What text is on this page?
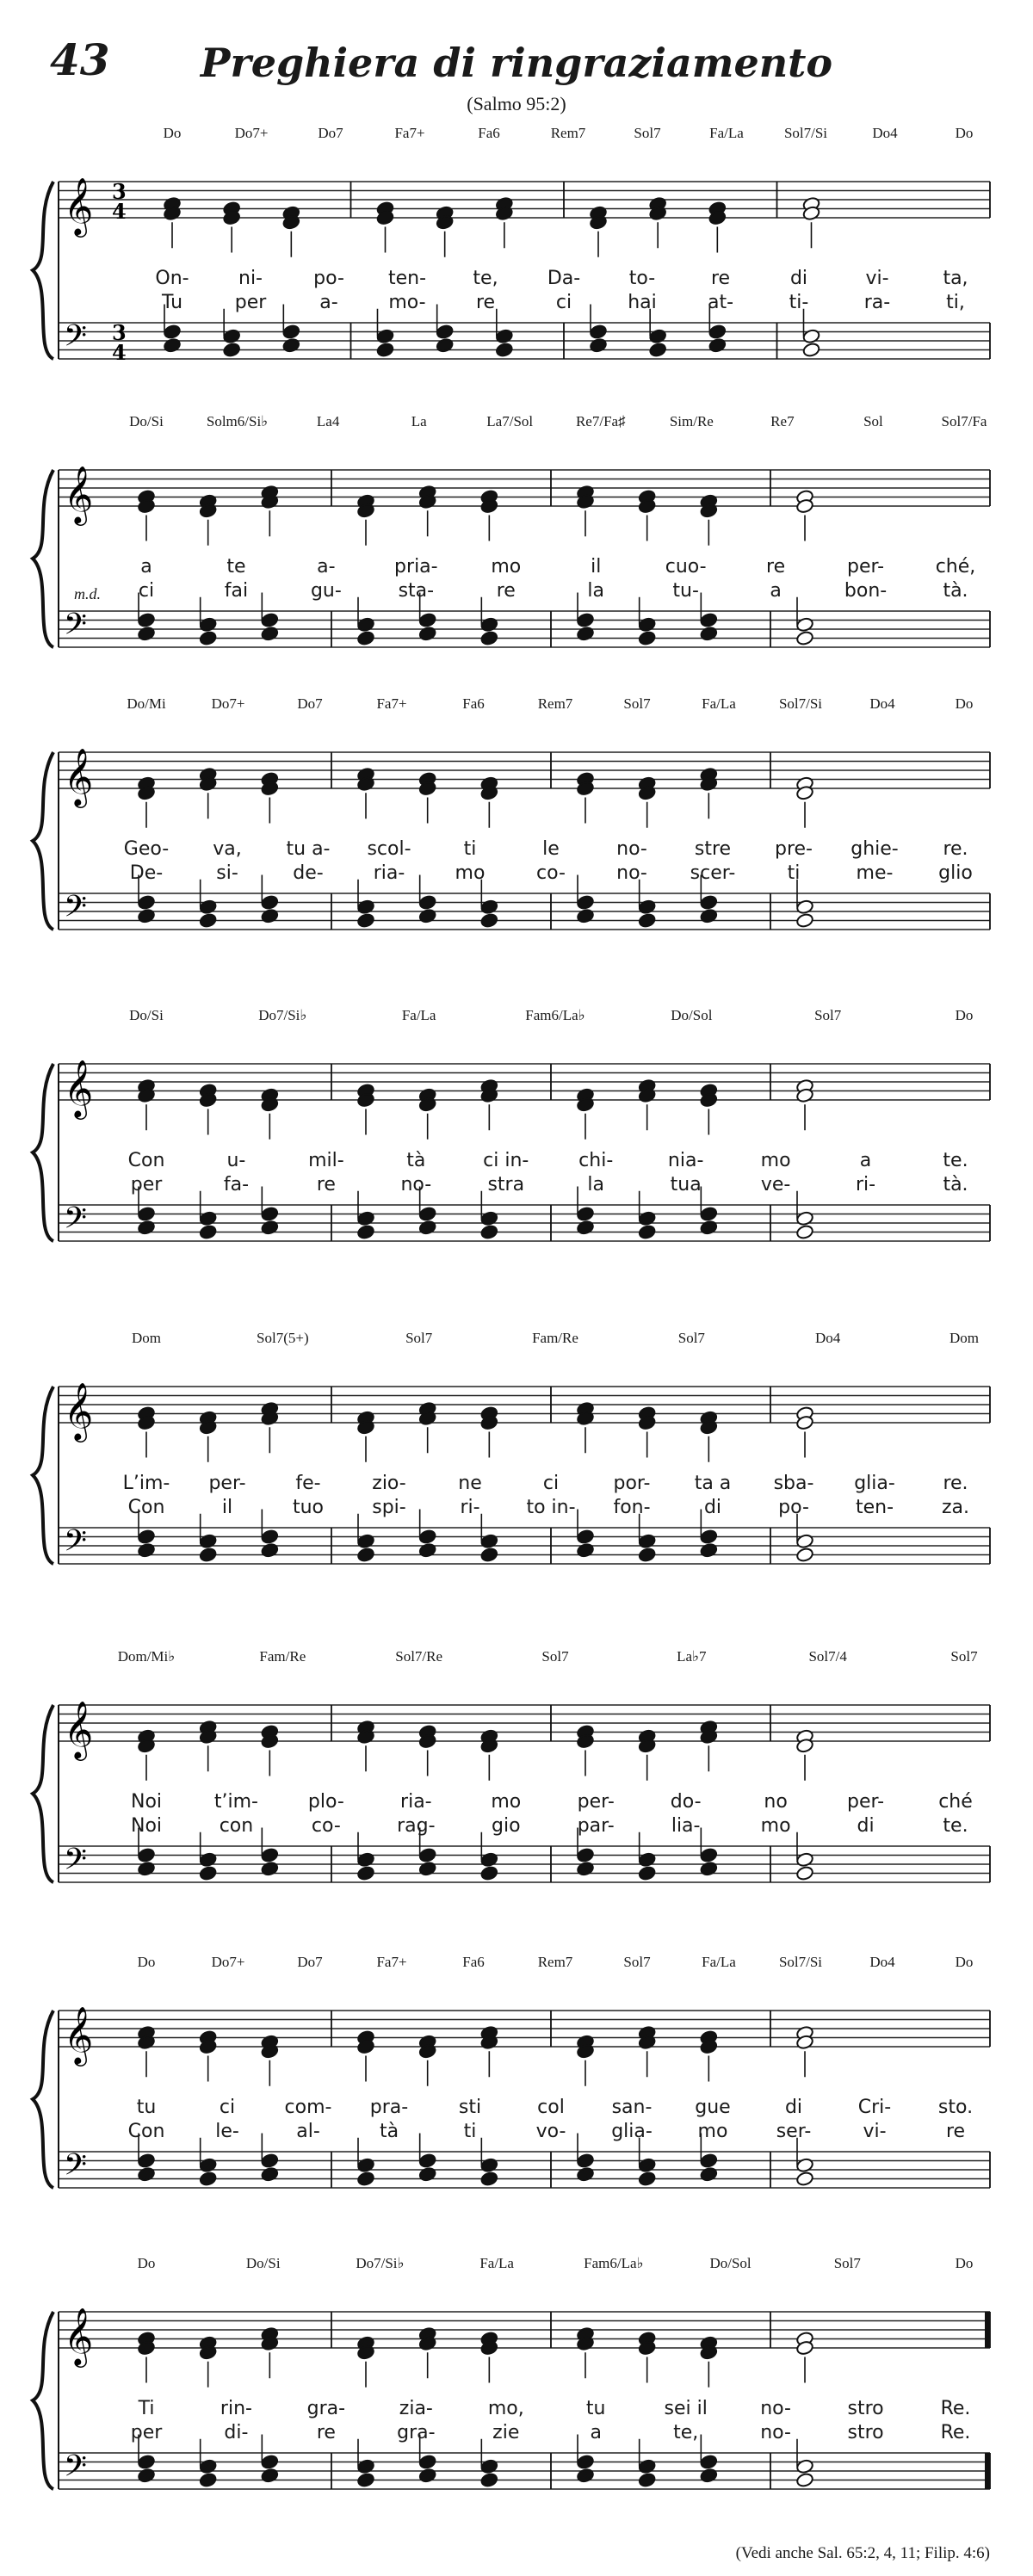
43	Preghiera di ringraziamento
(Salmo 95:2)
𝄞
𝄢
3
4
3
4
Do	Do7+	Do7	Fa7+	Fa6	Rem7	Sol7	Fa/La	Sol7/Si	Do4	Do
On-	ni-	po- ten- te,	Da-	to-	re	di	vi-	ta,
Tu	per	a-	mo-	re	ci	hai	at-	ti-	ra-	ti,
𝄞
𝄢
m.d.
Do/Si	Solm6/Si♭	La4	La	La7/Sol	Re7/Fa♯	Sim/Re	Re7	Sol	Sol7/Fa
a	te	a-	pria-	mo	il	cuo-	re	per-	ché,
ci	fai	gu-	sta-	re	la	tu-	a	bon-	tà.
𝄞
𝄢
Do/Mi	Do7+	Do7	Fa7+	Fa6	Rem7	Sol7	Fa/La	Sol7/Si	Do4	Do
Geo- va, tu a- scol-	ti	le	no-	stre pre- ghie- re.
De-	si-	de-	ria-	mo	co-	no- scer-	ti	me- glio
𝄞
𝄢
Do/Si	Do7/Si♭	Fa/La	Fam6/La♭	Do/Sol	Sol7	Do
Con	u-	mil-	tà	ci in-	chi-	nia-	mo	a	te.
per	fa-	re	no-	stra	la	tua	ve-	ri-	tà.
𝄞
𝄢
Dom	Sol7(5+)	Sol7	Fam/Re	Sol7	Do4	Dom
L’im- per-	fe-	zio-	ne	ci	por- ta a sba- glia-	re.
Con	il	tuo	spi-	ri- to in- fon-	di	po- ten-	za.
𝄞
𝄢
Dom/Mi♭	Fam/Re	Sol7/Re	Sol7	La♭7	Sol7/4	Sol7
Noi	t’im-	plo-	ria-	mo	per-	do-	no	per-	ché
Noi	con	co-	rag-	gio	par-	lia-	mo	di	te.
𝄞
𝄢
Do	Do7+	Do7	Fa7+	Fa6	Rem7	Sol7	Fa/La	Sol7/Si	Do4	Do
tu	ci	com- pra-	sti	col san- gue	di	Cri- sto.
Con	le-	al-	tà	ti	vo- glia- mo	ser-	vi-	re
𝄞
𝄢
Do	Do/Si	Do7/Si♭	Fa/La	Fam6/La♭	Do/Sol	Sol7	Do
Ti	rin-	gra-	zia-	mo,	tu	sei il	no-	stro	Re.
per	di-	re	gra-	zie	a	te,	no-	stro	Re.
(Vedi anche Sal. 65:2, 4, 11; Filip. 4:6)
